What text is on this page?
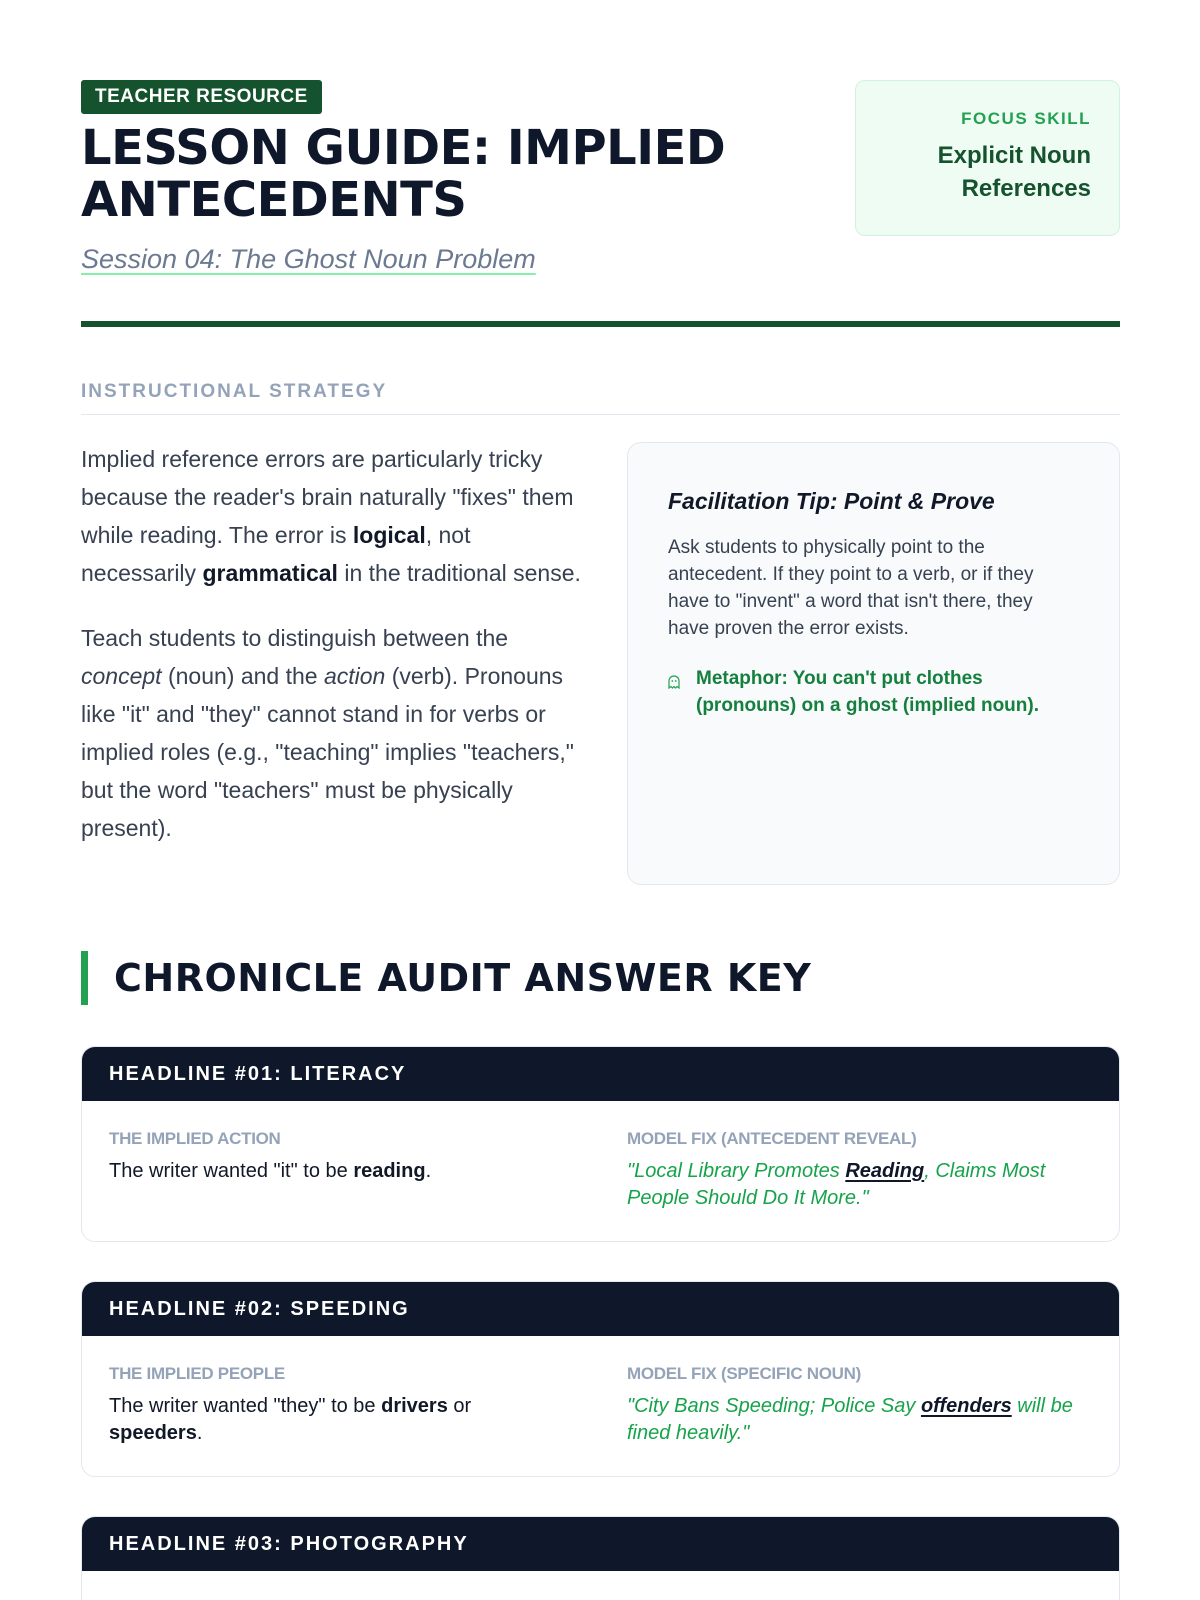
TEACHER RESOURCE
LESSON GUIDE: IMPLIED
ANTECEDENTS
Session 04: The Ghost Noun Problem
FOCUS SKILL
Explicit Noun
References
INSTRUCTIONAL STRATEGY

Implied reference errors are particularly tricky because the reader's brain naturally "fixes" them while reading. The error is logical, not necessarily grammatical in the traditional sense.

Teach students to distinguish between the concept (noun) and the action (verb). Pronouns like "it" and "they" cannot stand in for verbs or implied roles (e.g., "teaching" implies "teachers," but the word "teachers" must be physically present).

Facilitation Tip: Point & Prove
Ask students to physically point to the antecedent. If they point to a verb, or if they have to "invent" a word that isn't there, they have proven the error exists.
Metaphor: You can't put clothes (pronouns) on a ghost (implied noun).
CHRONICLE AUDIT ANSWER KEY
HEADLINE #01: LITERACY
THE IMPLIED ACTION
The writer wanted "it" to be reading.
MODEL FIX (ANTECEDENT REVEAL)
"Local Library Promotes Reading, Claims Most People Should Do It More."
HEADLINE #02: SPEEDING
THE IMPLIED PEOPLE
The writer wanted "they" to be drivers or speeders.
MODEL FIX (SPECIFIC NOUN)
"City Bans Speeding; Police Say offenders will be fined heavily."
HEADLINE #03: PHOTOGRAPHY
